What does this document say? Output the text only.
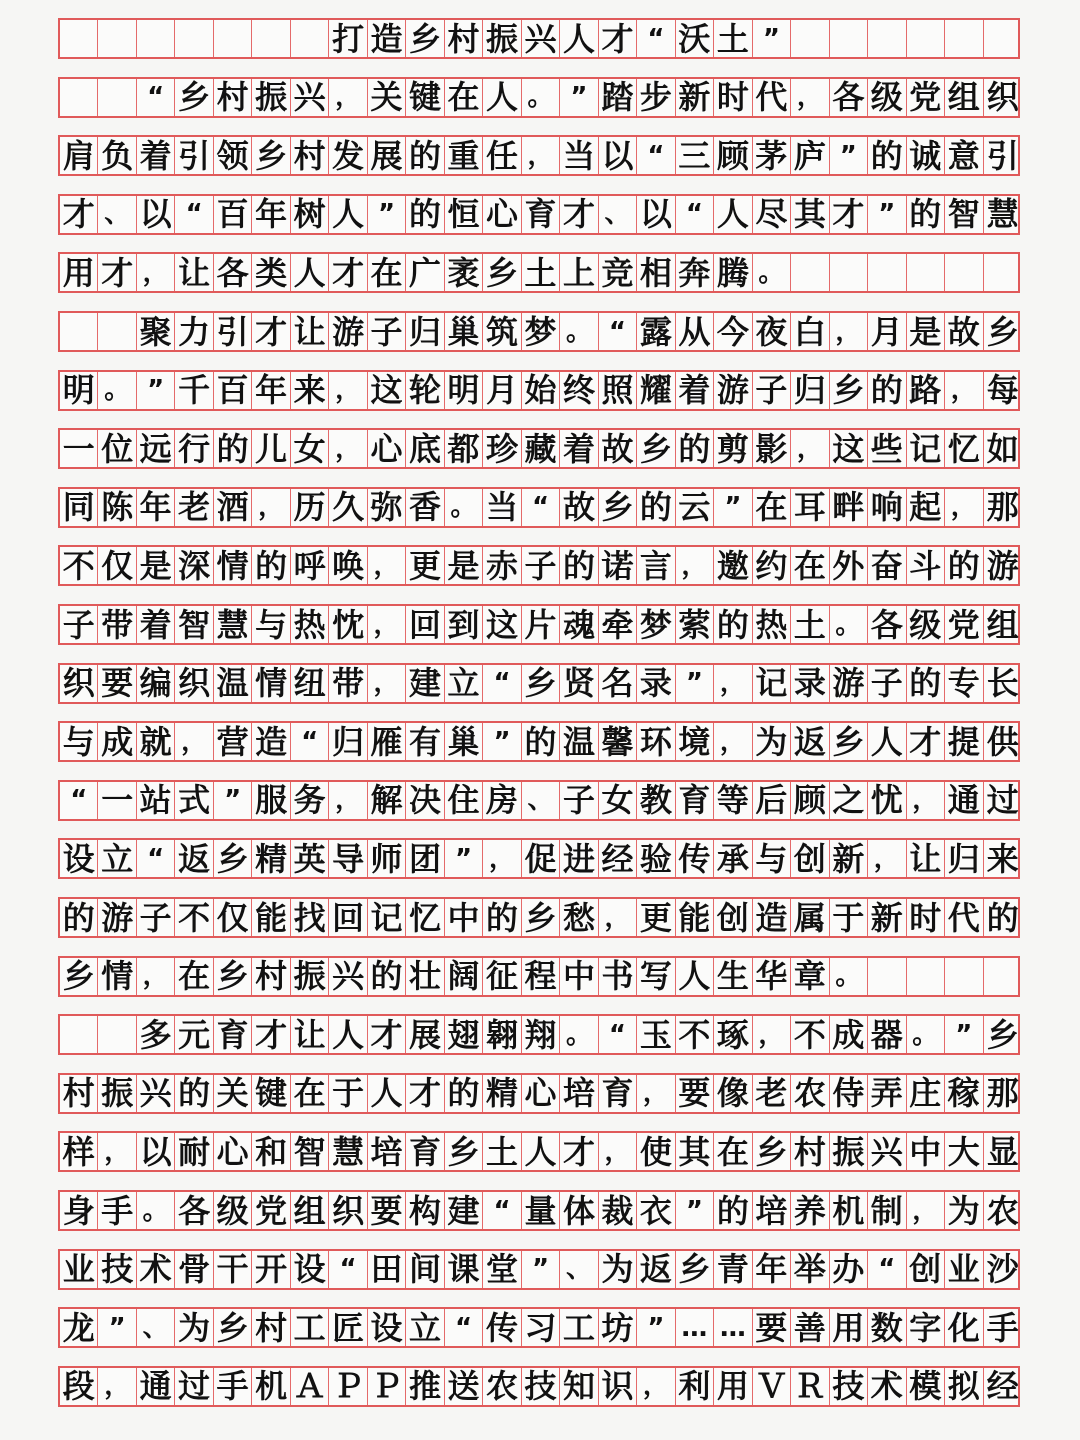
打 造 乡 村 振 兴 人 才 “ 沃 土 ”
“ 乡 村 振 兴 ， 关 键 在 人 。 ” 踏 步 新 时 代 ， 各 级 党 组 织
肩 负 着 引 领 乡 村 发 展 的 重 任 ， 当 以 “ 三 顾 茅 庐 ” 的 诚 意 引
才 、 以 “ 百 年 树 人 ” 的 恒 心 育 才 、 以 “ 人 尽 其 才 ” 的 智 慧
用 才 ， 让 各 类 人 才 在 广 袤 乡 土 上 竞 相 奔 腾 。
聚 力 引 才 让 游 子 归 巢 筑 梦 。 “ 露 从 今 夜 白 ， 月 是 故 乡
明 。 ” 千 百 年 来 ， 这 轮 明 月 始 终 照 耀 着 游 子 归 乡 的 路 ， 每
一 位 远 行 的 儿 女 ， 心 底 都 珍 藏 着 故 乡 的 剪 影 ， 这 些 记 忆 如
同 陈 年 老 酒 ， 历 久 弥 香 。 当 “ 故 乡 的 云 ” 在 耳 畔 响 起 ， 那
不 仅 是 深 情 的 呼 唤 ， 更 是 赤 子 的 诺 言 ， 邀 约 在 外 奋 斗 的 游
子 带 着 智 慧 与 热 忱 ， 回 到 这 片 魂 牵 梦 萦 的 热 土 。 各 级 党 组
织 要 编 织 温 情 纽 带 ， 建 立 “ 乡 贤 名 录 ” ， 记 录 游 子 的 专 长
与 成 就 ， 营 造 “ 归 雁 有 巢 ” 的 温 馨 环 境 ， 为 返 乡 人 才 提 供
“ 一 站 式 ” 服 务 ， 解 决 住 房 、 子 女 教 育 等 后 顾 之 忧 ， 通 过
设 立 “ 返 乡 精 英 导 师 团 ” ， 促 进 经 验 传 承 与 创 新 ， 让 归 来
的 游 子 不 仅 能 找 回 记 忆 中 的 乡 愁 ， 更 能 创 造 属 于 新 时 代 的
乡 情 ， 在 乡 村 振 兴 的 壮 阔 征 程 中 书 写 人 生 华 章 。
多 元 育 才 让 人 才 展 翅 翱 翔 。 “ 玉 不 琢 ， 不 成 器 。 ” 乡
村 振 兴 的 关 键 在 于 人 才 的 精 心 培 育 ， 要 像 老 农 侍 弄 庄 稼 那
样 ， 以 耐 心 和 智 慧 培 育 乡 土 人 才 ， 使 其 在 乡 村 振 兴 中 大 显
身 手 。 各 级 党 组 织 要 构 建 “ 量 体 裁 衣 ” 的 培 养 机 制 ， 为 农
业 技 术 骨 干 开 设 “ 田 间 课 堂 ” 、 为 返 乡 青 年 举 办 “ 创 业 沙
龙 ” 、 为 乡 村 工 匠 设 立 “ 传 习 工 坊 ” … … 要 善 用 数 字 化 手
段 ， 通 过 手 机 Ａ Ｐ Ｐ 推 送 农 技 知 识 ， 利 用 Ｖ Ｒ 技 术 模 拟 经
